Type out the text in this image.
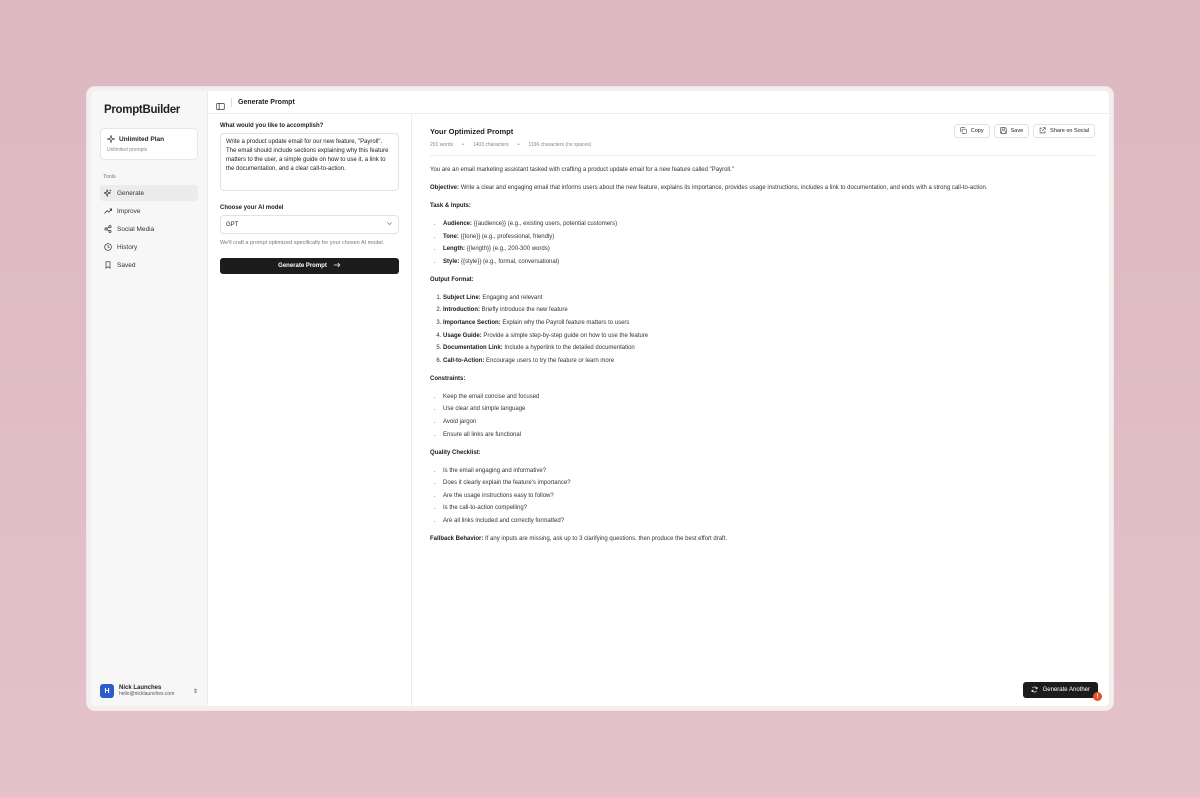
PromptBuilder
Unlimited Plan
Unlimited prompts
Tools
Generate
Improve
Social Media
History
Saved
H	Nick Launches
hello@nicklaunches.com	⇕
Generate Prompt
What would you like to accomplish?
Write a product update email for our new feature, "Payroll". The email should include sections explaining why this feature matters to the user, a simple guide on how to use it, a link to the documentation, and a clear call-to-action.
Choose your AI model
GPT
We'll craft a prompt optimized specifically for your chosen AI model.
Generate Prompt
Your Optimized Prompt	Copy	Save	Share on Social
201 words • 1403 characters • 1196 characters (no spaces)

You are an email marketing assistant tasked with crafting a product update email for a new feature called "Payroll."

Objective: Write a clear and engaging email that informs users about the new feature, explains its importance, provides usage instructions, includes a link to documentation, and ends with a strong call-to-action.

Task & Inputs:

• Audience: {{audience}} (e.g., existing users, potential customers)
• Tone: {{tone}} (e.g., professional, friendly)
• Length: {{length}} (e.g., 200-300 words)
• Style: {{style}} (e.g., formal, conversational)

Output Format:

1. Subject Line: Engaging and relevant
2. Introduction: Briefly introduce the new feature
3. Importance Section: Explain why the Payroll feature matters to users
4. Usage Guide: Provide a simple step-by-step guide on how to use the feature
5. Documentation Link: Include a hyperlink to the detailed documentation
6. Call-to-Action: Encourage users to try the feature or learn more

Constraints:

• Keep the email concise and focused
• Use clear and simple language
• Avoid jargon
• Ensure all links are functional

Quality Checklist:

• Is the email engaging and informative?
• Does it clearly explain the feature's importance?
• Are the usage instructions easy to follow?
• Is the call-to-action compelling?
• Are all links included and correctly formatted?

Fallback Behavior: If any inputs are missing, ask up to 3 clarifying questions, then produce the best effort draft.

Generate Another
!
